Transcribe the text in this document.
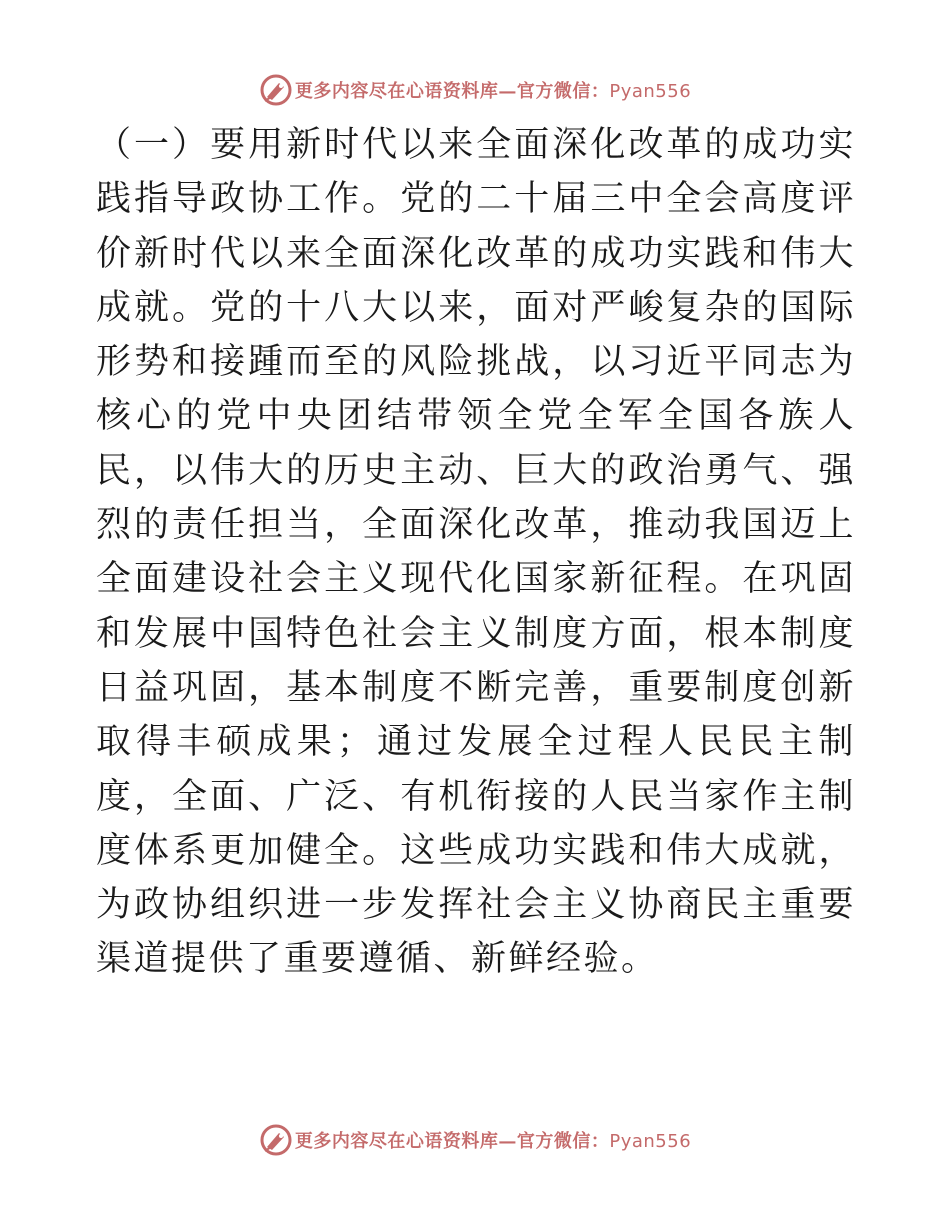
更多内容尽在心语资料库—官方微信：Pyan556

（一）要用新时代以来全面深化改革的成功实践指导政协工作。党的二十届三中全会高度评价新时代以来全面深化改革的成功实践和伟大成就。党的十八大以来，面对严峻复杂的国际形势和接踵而至的风险挑战，以习近平同志为核心的党中央团结带领全党全军全国各族人民，以伟大的历史主动、巨大的政治勇气、强烈的责任担当，全面深化改革，推动我国迈上全面建设社会主义现代化国家新征程。在巩固和发展中国特色社会主义制度方面，根本制度日益巩固，基本制度不断完善，重要制度创新取得丰硕成果；通过发展全过程人民民主制度，全面、广泛、有机衔接的人民当家作主制度体系更加健全。这些成功实践和伟大成就，为政协组织进一步发挥社会主义协商民主重要渠道提供了重要遵循、新鲜经验。

更多内容尽在心语资料库—官方微信：Pyan556
